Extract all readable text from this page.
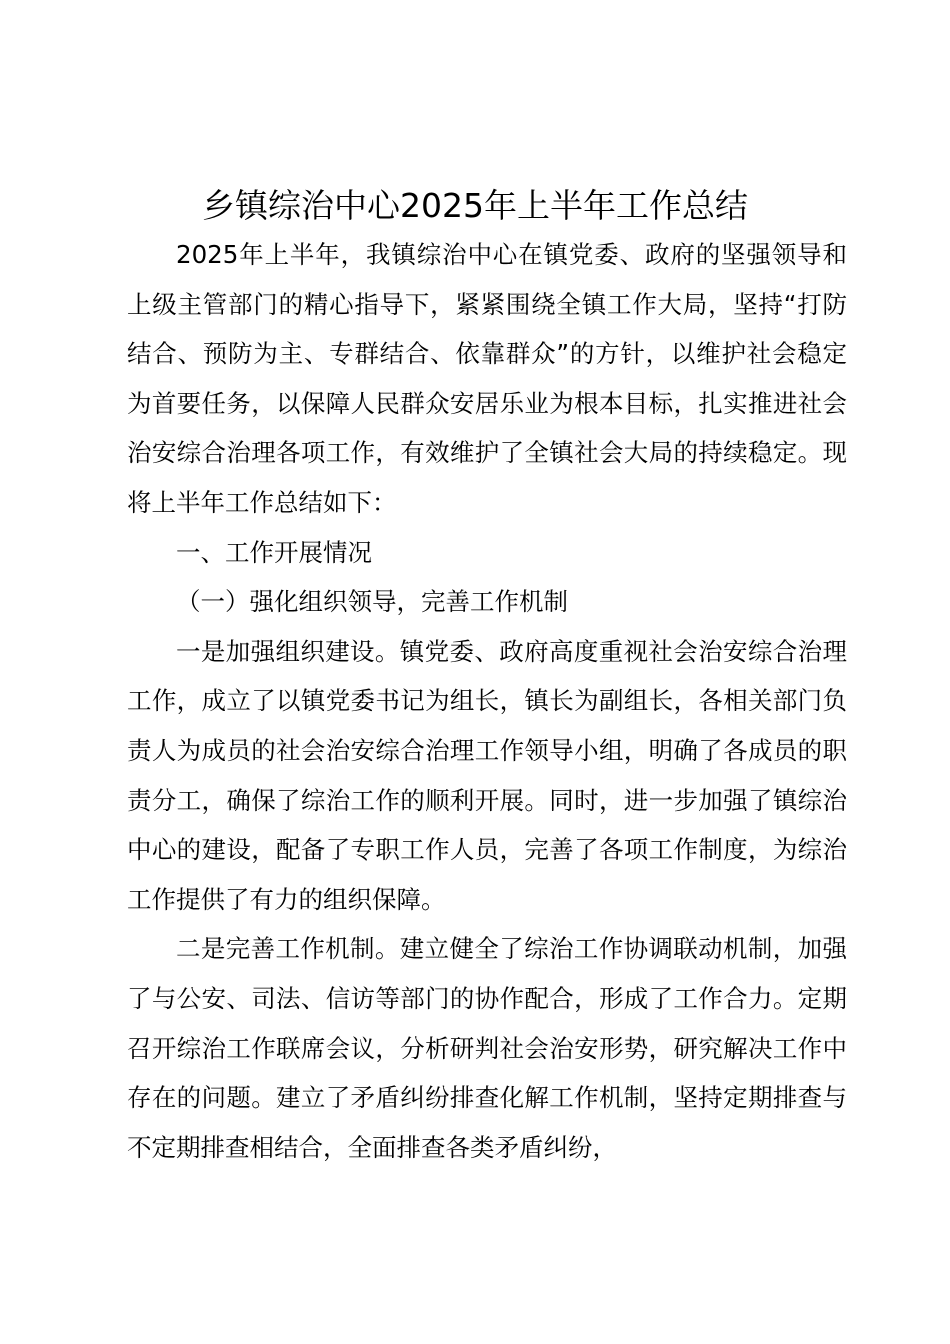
乡镇综治中心2025年上半年工作总结

2025年上半年，我镇综治中心在镇党委、政府的坚强领导和上级主管部门的精心指导下，紧紧围绕全镇工作大局，坚持“打防结合、预防为主、专群结合、依靠群众”的方针，以维护社会稳定为首要任务，以保障人民群众安居乐业为根本目标，扎实推进社会治安综合治理各项工作，有效维护了全镇社会大局的持续稳定。现将上半年工作总结如下：

一、工作开展情况

（一）强化组织领导，完善工作机制

一是加强组织建设。镇党委、政府高度重视社会治安综合治理工作，成立了以镇党委书记为组长，镇长为副组长，各相关部门负责人为成员的社会治安综合治理工作领导小组，明确了各成员的职责分工，确保了综治工作的顺利开展。同时，进一步加强了镇综治中心的建设，配备了专职工作人员，完善了各项工作制度，为综治工作提供了有力的组织保障。

二是完善工作机制。建立健全了综治工作协调联动机制，加强了与公安、司法、信访等部门的协作配合，形成了工作合力。定期召开综治工作联席会议，分析研判社会治安形势，研究解决工作中存在的问题。建立了矛盾纠纷排查化解工作机制，坚持定期排查与不定期排查相结合，全面排查各类矛盾纠纷，
